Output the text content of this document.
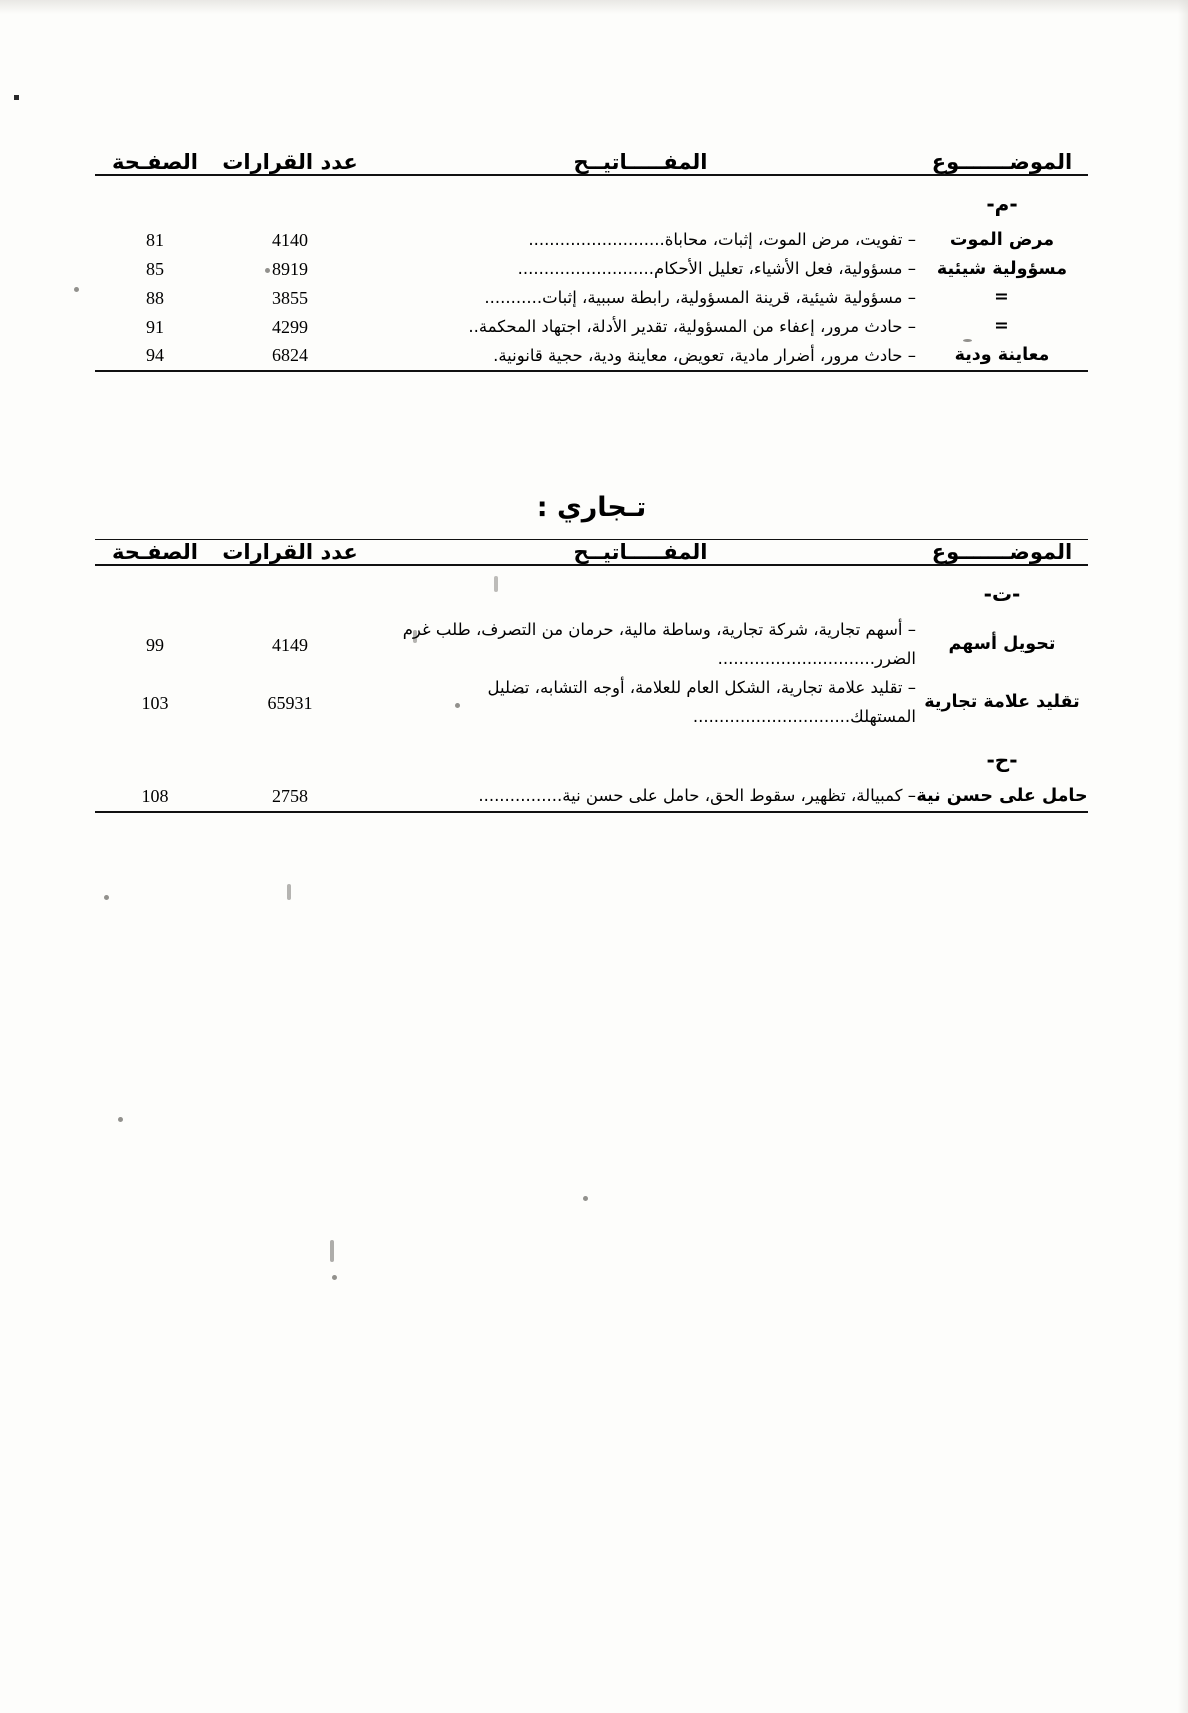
الموضـــــــوع	المفـــــاتيــح	عدد القرارات	الصفـحة

-م-			
مرض الموت	– تفويت، مرض الموت، إثبات، محاباة..........................	4140	81
مسؤولية شيئية	– مسؤولية، فعل الأشياء، تعليل الأحكام..........................	8919	85
=	– مسؤولية شيئية، قرينة المسؤولية، رابطة سببية، إثبات...........	3855	88
=	– حادث مرور، إعفاء من المسؤولية، تقدير الأدلة، اجتهاد المحكمة..	4299	91
معاينة ودية	– حادث مرور، أضرار مادية، تعويض، معاينة ودية، حجية قانونية.	6824	94

تـجاري :

الموضـــــــوع	المفـــــاتيــح	عدد القرارات	الصفـحة

-ت-			
تحويل أسهم	– أسهم تجارية، شركة تجارية، وساطة مالية، حرمان من التصرف، طلب غرم الضرر..............................	4149	99
تقليد علامة تجارية	– تقليد علامة تجارية، الشكل العام للعلامة، أوجه التشابه، تضليل المستهلك..............................	65931	103
-ح-			
حامل على حسن نية	– كمبيالة، تظهير، سقوط الحق، حامل على حسن نية................	2758	108
